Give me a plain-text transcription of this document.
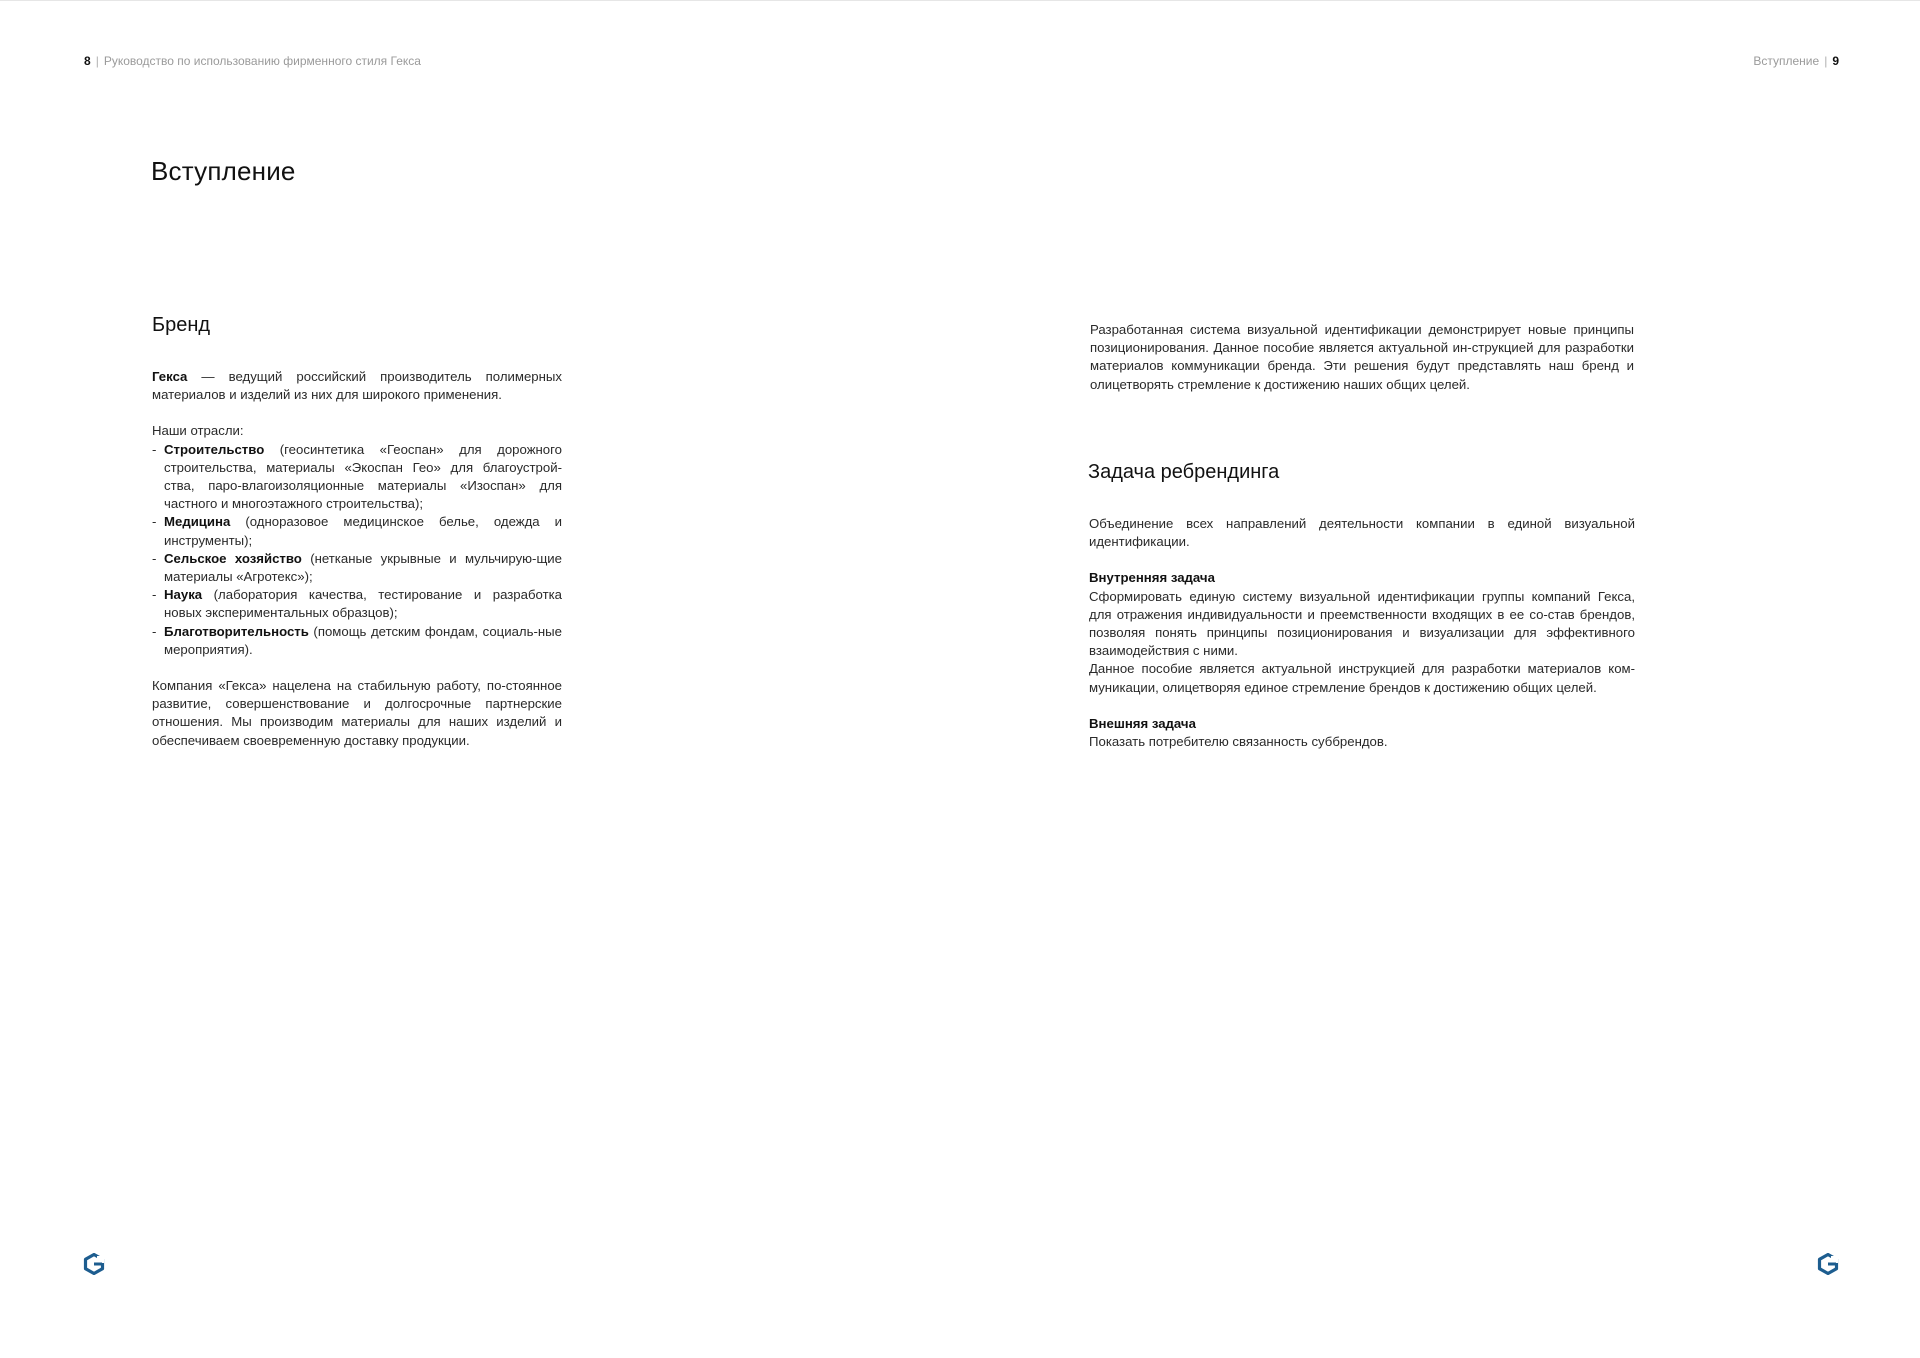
8 | Руководство по использованию фирменного стиля Гекса	Вступление | 9
Вступление
Бренд

Гекса — ведущий российский производитель полимерных материалов и изделий из них для широкого применения.

Наши отрасли:

- Строительство (геосинтетика «Геоспан» для дорожного строительства, материалы «Экоспан Гео» для благоустрой-ства, паро-влагоизоляционные материалы «Изоспан» для частного и многоэтажного строительства);

- Медицина (одноразовое медицинское белье, одежда и инструменты);

- Сельское хозяйство (нетканые укрывные и мульчирую-щие материалы «Агротекс»);

- Наука (лаборатория качества, тестирование и разработка новых экспериментальных образцов);

- Благотворительность (помощь детским фондам, социаль-ные мероприятия).

Компания «Гекса» нацелена на стабильную работу, по-стоянное развитие, совершенствование и долгосрочные партнерские отношения. Мы производим материалы для наших изделий и обеспечиваем своевременную доставку продукции.

Разработанная система визуальной идентификации демонстрирует новые принципы позиционирования. Данное пособие является актуальной ин-струкцией для разработки материалов коммуникации бренда. Эти решения будут представлять наш бренд и олицетворять стремление к достижению наших общих целей.

Задача ребрендинга

Объединение всех направлений деятельности компании в единой визуальной идентификации.

Внутренняя задача

Сформировать единую систему визуальной идентификации группы компаний Гекса, для отражения индивидуальности и преемственности входящих в ее со-став брендов, позволяя понять принципы позиционирования и визуализации для эффективного взаимодействия с ними.

Данное пособие является актуальной инструкцией для разработки материалов ком-муникации, олицетворяя единое стремление брендов к достижению общих целей.

Внешняя задача

Показать потребителю связанность суббрендов.
